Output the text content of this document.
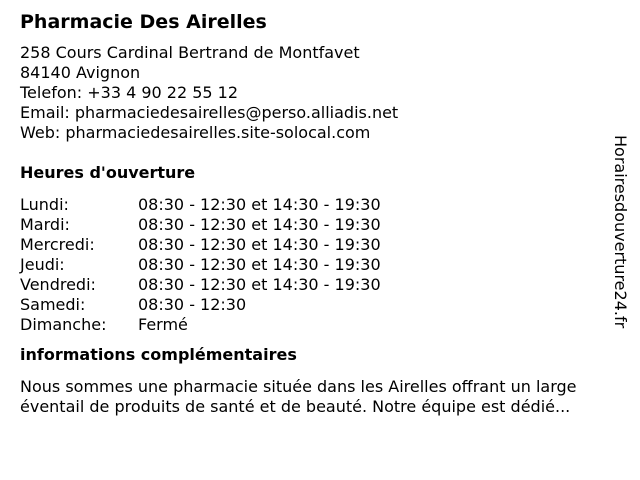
Pharmacie Des Airelles
258 Cours Cardinal Bertrand de Montfavet
84140 Avignon
Telefon: +33 4 90 22 55 12
Email: pharmaciedesairelles@perso.alliadis.net
Web: pharmaciedesairelles.site-solocal.com
Heures d'ouverture
Lundi:	08:30 - 12:30 et 14:30 - 19:30
Mardi:	08:30 - 12:30 et 14:30 - 19:30
Mercredi:	08:30 - 12:30 et 14:30 - 19:30
Jeudi:	08:30 - 12:30 et 14:30 - 19:30
Vendredi:	08:30 - 12:30 et 14:30 - 19:30
Samedi:	08:30 - 12:30
Dimanche:	Fermé
informations complémentaires

Nous sommes une pharmacie située dans les Airelles offrant un large
éventail de produits de santé et de beauté. Notre équipe est dédié...

Horairesdouverture24.fr
